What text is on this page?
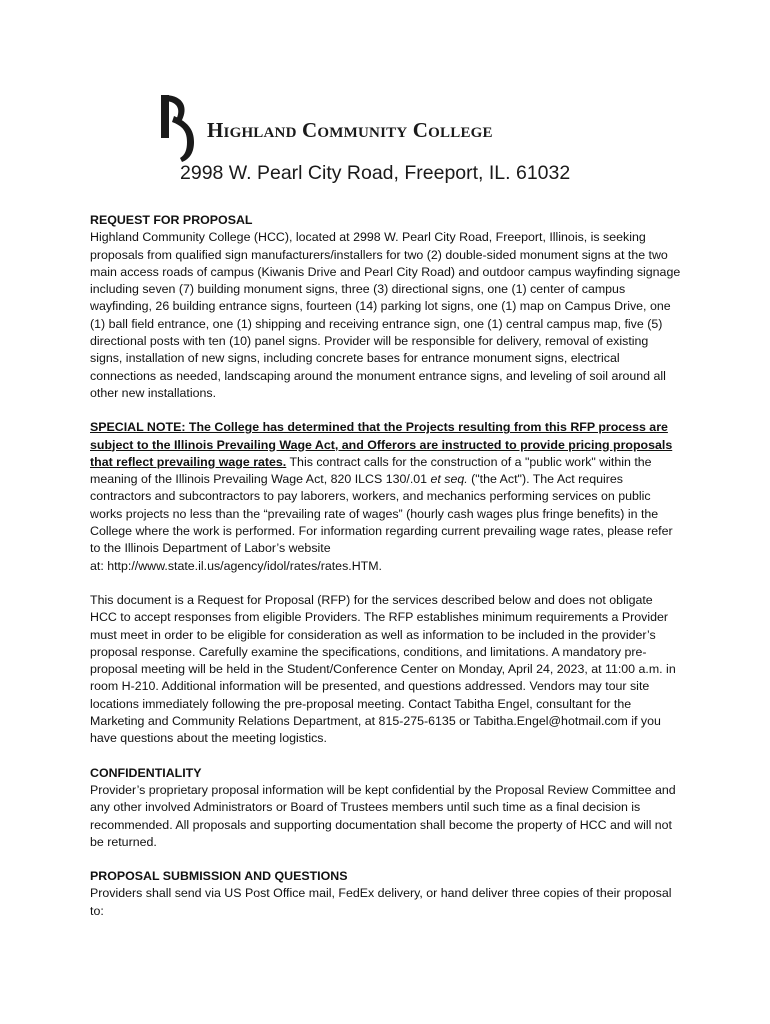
Highland Community College
2998 W. Pearl City Road, Freeport, IL. 61032

REQUEST FOR PROPOSAL

Highland Community College (HCC), located at 2998 W. Pearl City Road, Freeport, Illinois, is seeking proposals from qualified sign manufacturers/installers for two (2) double-sided monument signs at the two main access roads of campus (Kiwanis Drive and Pearl City Road) and outdoor campus wayfinding signage including seven (7) building monument signs, three (3) directional signs, one (1) center of campus wayfinding, 26 building entrance signs, fourteen (14) parking lot signs, one (1) map on Campus Drive, one (1) ball field entrance, one (1) shipping and receiving entrance sign, one (1) central campus map, five (5) directional posts with ten (10) panel signs. Provider will be responsible for delivery, removal of existing signs, installation of new signs, including concrete bases for entrance monument signs, electrical connections as needed, landscaping around the monument entrance signs, and leveling of soil around all other new installations.

SPECIAL NOTE: The College has determined that the Projects resulting from this RFP process are subject to the Illinois Prevailing Wage Act, and Offerors are instructed to provide pricing proposals that reflect prevailing wage rates. This contract calls for the construction of a "public work" within the meaning of the Illinois Prevailing Wage Act, 820 ILCS 130/.01 et seq. ("the Act"). The Act requires contractors and subcontractors to pay laborers, workers, and mechanics performing services on public works projects no less than the “prevailing rate of wages” (hourly cash wages plus fringe benefits) in the College where the work is performed. For information regarding current prevailing wage rates, please refer to the Illinois Department of Labor’s website

at: http://www.state.il.us/agency/idol/rates/rates.HTM.

This document is a Request for Proposal (RFP) for the services described below and does not obligate HCC to accept responses from eligible Providers. The RFP establishes minimum requirements a Provider must meet in order to be eligible for consideration as well as information to be included in the provider’s proposal response. Carefully examine the specifications, conditions, and limitations. A mandatory pre-proposal meeting will be held in the Student/Conference Center on Monday, April 24, 2023, at 11:00 a.m. in room H-210. Additional information will be presented, and questions addressed. Vendors may tour site locations immediately following the pre-proposal meeting. Contact Tabitha Engel, consultant for the Marketing and Community Relations Department, at 815-275-6135 or Tabitha.Engel@hotmail.com if you have questions about the meeting logistics.

CONFIDENTIALITY

Provider’s proprietary proposal information will be kept confidential by the Proposal Review Committee and any other involved Administrators or Board of Trustees members until such time as a final decision is recommended. All proposals and supporting documentation shall become the property of HCC and will not be returned.

PROPOSAL SUBMISSION AND QUESTIONS

Providers shall send via US Post Office mail, FedEx delivery, or hand deliver three copies of their proposal to:
